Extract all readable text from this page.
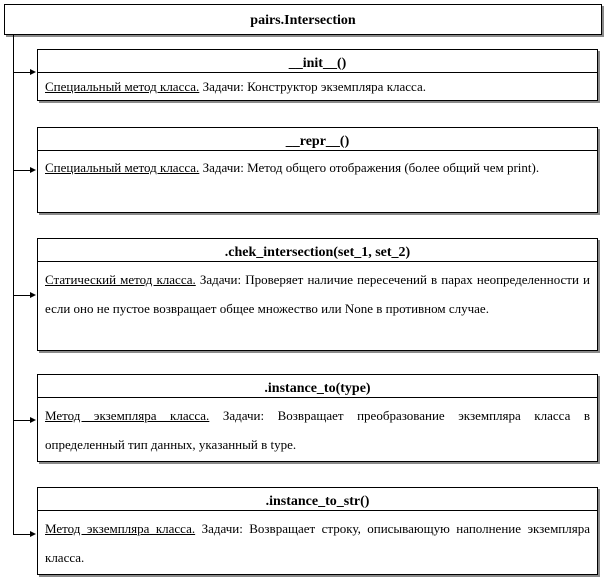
pairs.Intersection
__init__()
Специальный метод класса. Задачи: Конструктор экземпляра класса.
__repr__()
Специальный метод класса. Задачи: Метод общего отображения (более общий чем print).
.chek_intersection(set_1, set_2)
Статический метод класса. Задачи: Проверяет наличие пересечений в парах неопределенности и если оно не пустое возвращает общее множество или None в противном случае.
.instance_to(type)
Метод экземпляра класса. Задачи: Возвращает преобразование экземпляра класса в определенный тип данных, указанный в type.
.instance_to_str()
Метод экземпляра класса. Задачи: Возвращает строку, описывающую наполнение экземпляра класса.
